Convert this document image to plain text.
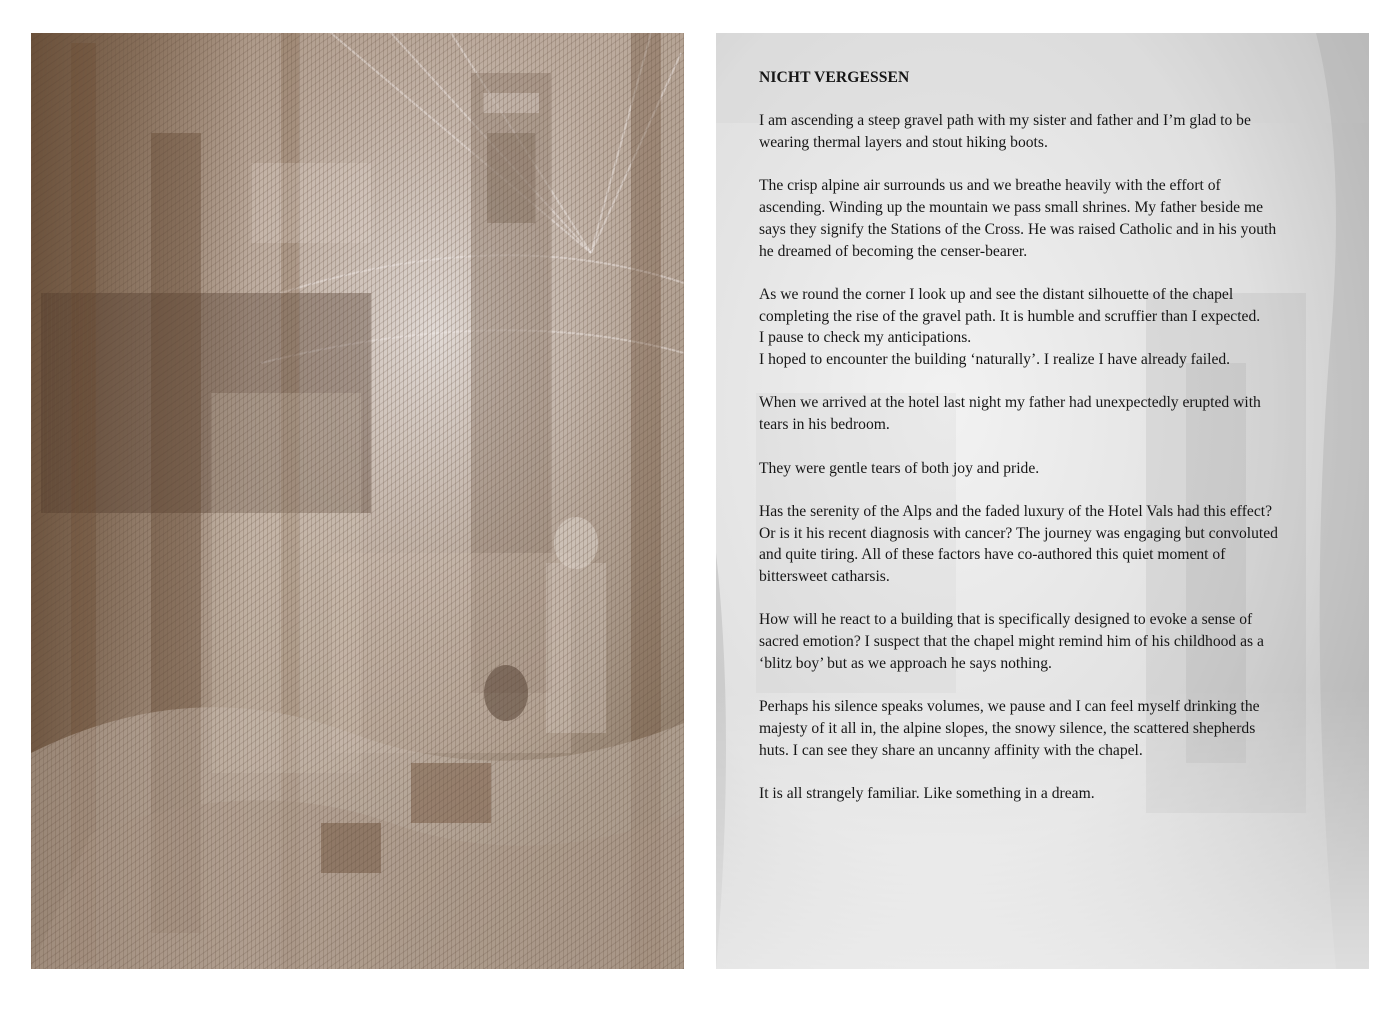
NICHT VERGESSEN
I am ascending a steep gravel path with my sister and father and I’m glad to be
wearing thermal layers and stout hiking boots.
The crisp alpine air surrounds us and we breathe heavily with the effort of
ascending. Winding up the mountain we pass small shrines. My father beside me
says they signify the Stations of the Cross. He was raised Catholic and in his youth
he dreamed of becoming the censer-bearer.
As we round the corner I look up and see the distant silhouette of the chapel
completing the rise of the gravel path. It is humble and scruffier than I expected.
I pause to check my anticipations.
I hoped to encounter the building ‘naturally’. I realize I have already failed.
When we arrived at the hotel last night my father had unexpectedly erupted with
tears in his bedroom.
They were gentle tears of both joy and pride.
Has the serenity of the Alps and the faded luxury of the Hotel Vals had this effect?
Or is it his recent diagnosis with cancer? The journey was engaging but convoluted
and quite tiring. All of these factors have co-authored this quiet moment of
bittersweet catharsis.
How will he react to a building that is specifically designed to evoke a sense of
sacred emotion? I suspect that the chapel might remind him of his childhood as a
‘blitz boy’ but as we approach he says nothing.
Perhaps his silence speaks volumes, we pause and I can feel myself drinking the
majesty of it all in, the alpine slopes, the snowy silence, the scattered shepherds
huts. I can see they share an uncanny affinity with the chapel.
It is all strangely familiar. Like something in a dream.
